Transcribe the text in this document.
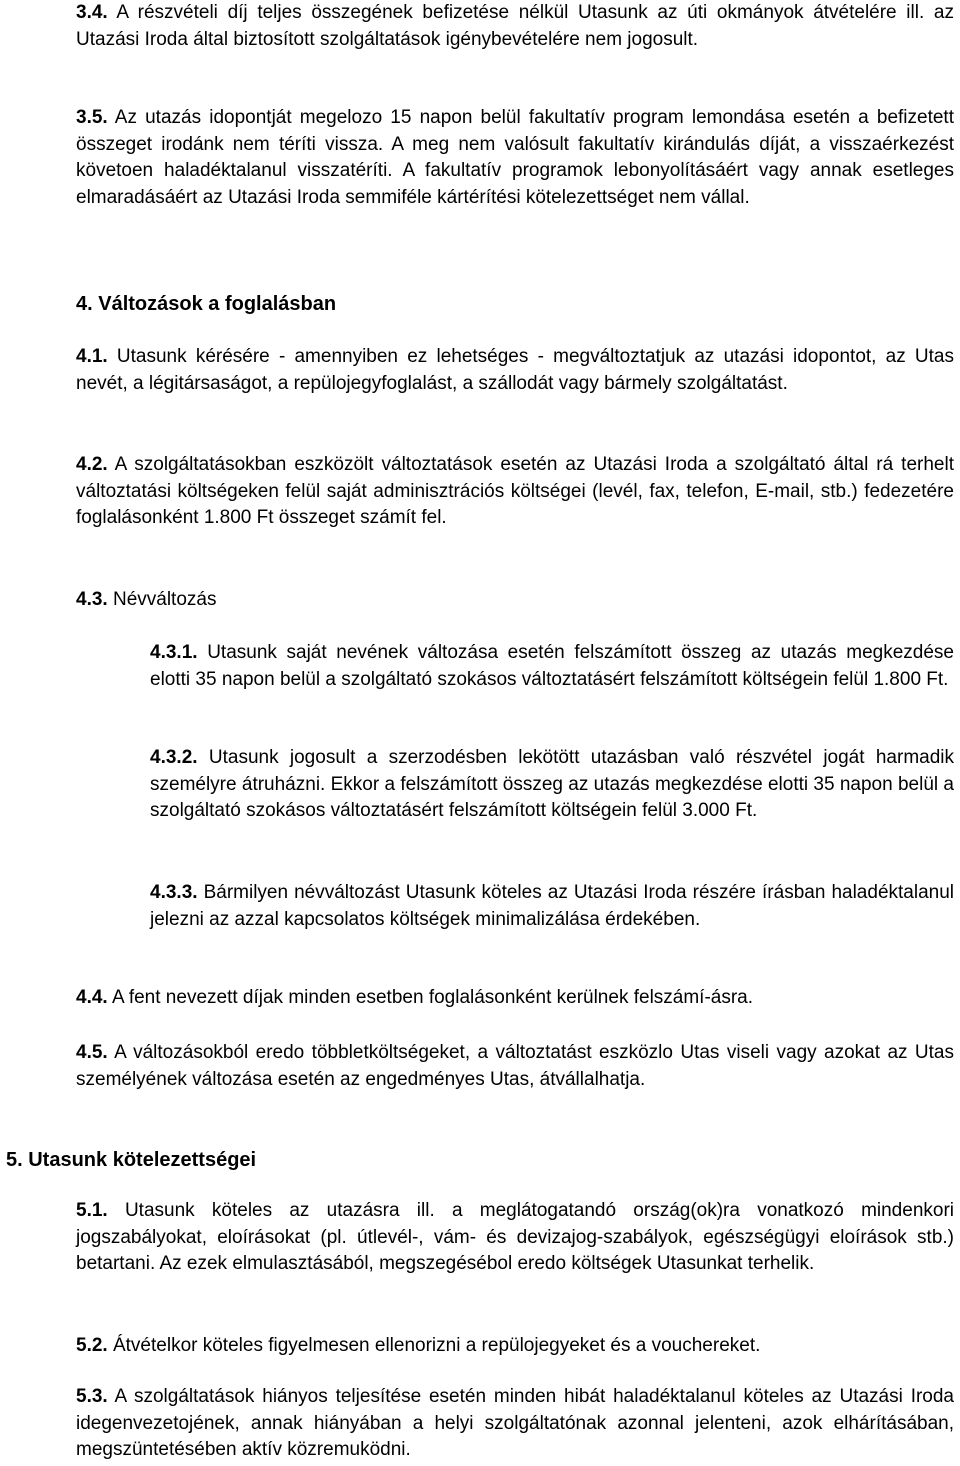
3.4. A részvételi díj teljes összegének befizetése nélkül Utasunk az úti okmányok átvételére ill. az Utazási Iroda által biztosított szolgáltatások igénybevételére nem jogosult.
3.5. Az utazás idopontját megelozo 15 napon belül fakultatív program lemondása esetén a befizetett összeget irodánk nem téríti vissza. A meg nem valósult fakultatív kirándulás díját, a visszaérkezést követoen haladéktalanul visszatéríti. A fakultatív programok lebonyolításáért vagy annak esetleges elmaradásáért az Utazási Iroda semmiféle kártérítési kötelezettséget nem vállal.
4. Változások a foglalásban
4.1. Utasunk kérésére - amennyiben ez lehetséges - megváltoztatjuk az utazási idopontot, az Utas nevét, a légitársaságot, a repülojegyfoglalást, a szállodát vagy bármely szolgáltatást.
4.2. A szolgáltatásokban eszközölt változtatások esetén az Utazási Iroda a szolgáltató által rá terhelt változtatási költségeken felül saját adminisztrációs költségei (levél, fax, telefon, E-mail, stb.) fedezetére foglalásonként 1.800 Ft összeget számít fel.
4.3. Névváltozás
4.3.1. Utasunk saját nevének változása esetén felszámított összeg az utazás megkezdése elotti 35 napon belül a szolgáltató szokásos változtatásért felszámított költségein felül 1.800 Ft.
4.3.2. Utasunk jogosult a szerzodésben lekötött utazásban való részvétel jogát harmadik személyre átruházni. Ekkor a felszámított összeg az utazás megkezdése elotti 35 napon belül a szolgáltató szokásos változtatásért felszámított költségein felül 3.000 Ft.
4.3.3. Bármilyen névváltozást Utasunk köteles az Utazási Iroda részére írásban haladéktalanul jelezni az azzal kapcsolatos költségek minimalizálása érdekében.
4.4. A fent nevezett díjak minden esetben foglalásonként kerülnek felszámí-ásra.
4.5. A változásokból eredo többletköltségeket, a változtatást eszközlo Utas viseli vagy azokat az Utas személyének változása esetén az engedményes Utas, átvállalhatja.
5. Utasunk kötelezettségei
5.1. Utasunk köteles az utazásra ill. a meglátogatandó ország(ok)ra vonatkozó mindenkori jogszabályokat, eloírásokat (pl. útlevél-, vám- és devizajog-szabályok, egészségügyi eloírások stb.) betartani. Az ezek elmulasztásából, megszegésébol eredo költségek Utasunkat terhelik.
5.2. Átvételkor köteles figyelmesen ellenorizni a repülojegyeket és a vouchereket.
5.3. A szolgáltatások hiányos teljesítése esetén minden hibát haladéktalanul köteles az Utazási Iroda idegenvezetojének, annak hiányában a helyi szolgáltatónak azonnal jelenteni, azok elhárításában, megszüntetésében aktív közremuködni.
